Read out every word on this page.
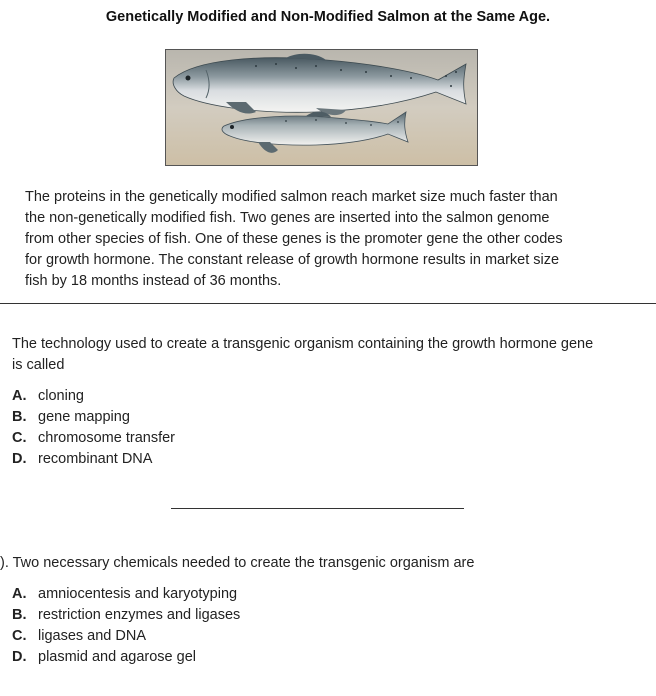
Genetically Modified and Non-Modified Salmon at the Same Age.
The proteins in the genetically modified salmon reach market size much faster than
the non-genetically modified fish. Two genes are inserted into the salmon genome
from other species of fish. One of these genes is the promoter gene the other codes
for growth hormone. The constant release of growth hormone results in market size
fish by 18 months instead of 36 months.
The technology used to create a transgenic organism containing the growth hormone gene
is called
A. cloning
B. gene mapping
C. chromosome transfer
D. recombinant DNA
). Two necessary chemicals needed to create the transgenic organism are
A. amniocentesis and karyotyping
B. restriction enzymes and ligases
C. ligases and DNA
D. plasmid and agarose gel
